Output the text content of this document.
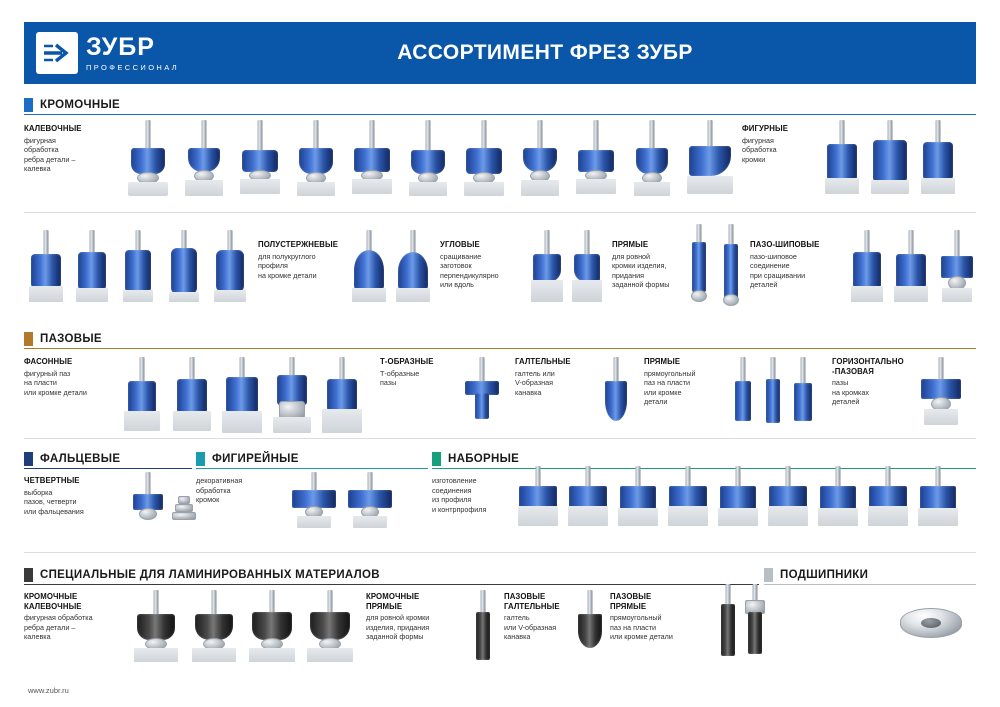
ЗУБР
ПРОФЕССИОНАЛ
АССОРТИМЕНТ ФРЕЗ ЗУБР
КРОМОЧНЫЕ
КАЛЕВОЧНЫЕ
фигурная
обработка
ребра детали –
калевка
ФИГУРНЫЕ
фигурная
обработка
кромки
ПОЛУСТЕРЖНЕВЫЕ
для полукруглого
профиля
на кромке детали
УГЛОВЫЕ
сращивание
заготовок
перпендикулярно
или вдоль
ПРЯМЫЕ
для ровной
кромки изделия,
придания
заданной формы
ПАЗО-ШИПОВЫЕ
пазо-шиповое
соединение
при сращивании
деталей
ПАЗОВЫЕ
ФАСОННЫЕ
фигурный паз
на пласти
или кромке детали
Т-ОБРАЗНЫЕ
Т-образные
пазы
ГАЛТЕЛЬНЫЕ
галтель или
V-образная
канавка
ПРЯМЫЕ
прямоугольный
паз на пласти
или кромке
детали
ГОРИЗОНТАЛЬНО
-ПАЗОВАЯ
пазы
на кромках
деталей
ФАЛЬЦЕВЫЕ	ФИГИРЕЙНЫЕ	НАБОРНЫЕ
ЧЕТВЕРТНЫЕ
выборка
пазов, четверти
или фальцевания
декоративная
обработка
кромок
изготовление
соединения
из профиля
и контрпрофиля
СПЕЦИАЛЬНЫЕ ДЛЯ ЛАМИНИРОВАННЫХ МАТЕРИАЛОВ	ПОДШИПНИКИ
КРОМОЧНЫЕ
КАЛЕВОЧНЫЕ
фигурная обработка
ребра детали –
калевка
КРОМОЧНЫЕ
ПРЯМЫЕ
для ровной кромки
изделия, придания
заданной формы
ПАЗОВЫЕ
ГАЛТЕЛЬНЫЕ
галтель
или V-образная
канавка
ПАЗОВЫЕ
ПРЯМЫЕ
прямоугольный
паз на пласти
или кромке детали
www.zubr.ru
